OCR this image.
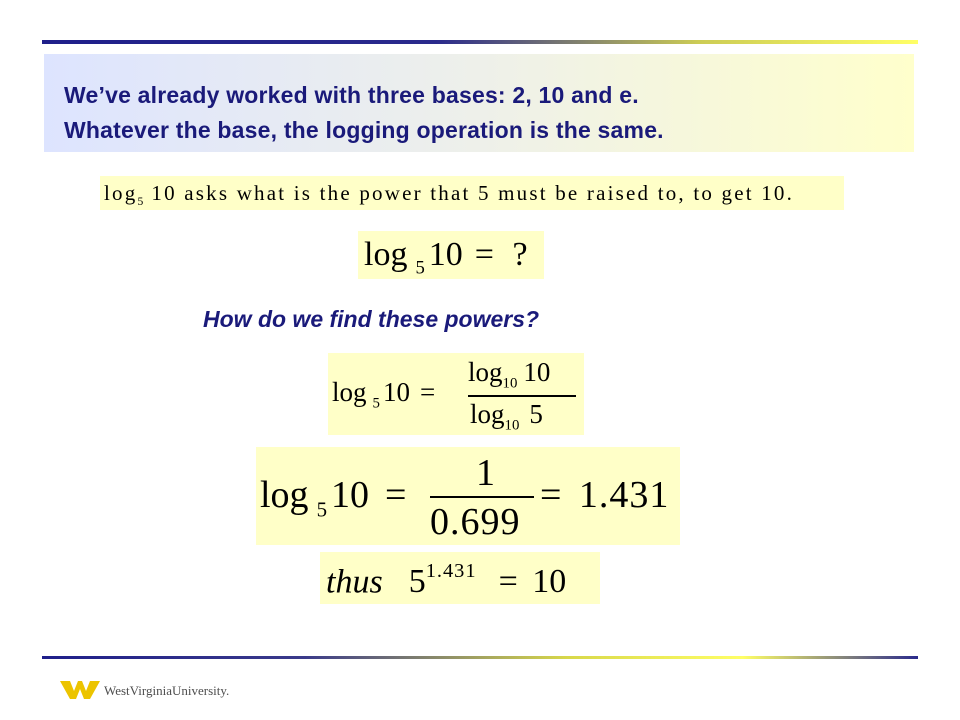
We’ve already worked with three bases: 2, 10 and e.
Whatever the base, the logging operation is the same.
$\log_5 10$ asks what is the power that 5 must be raised to, to get 10.
log $_5$ 10 = ?
How do we find these powers?
log $_5$ 10 =
$\log_{10} 10$
$\log_{10} 5$
log $_5$ 10 =
1
0.699
= 1.431
thus $5^{1.431} = 10$
WestVirginiaUniversity.
